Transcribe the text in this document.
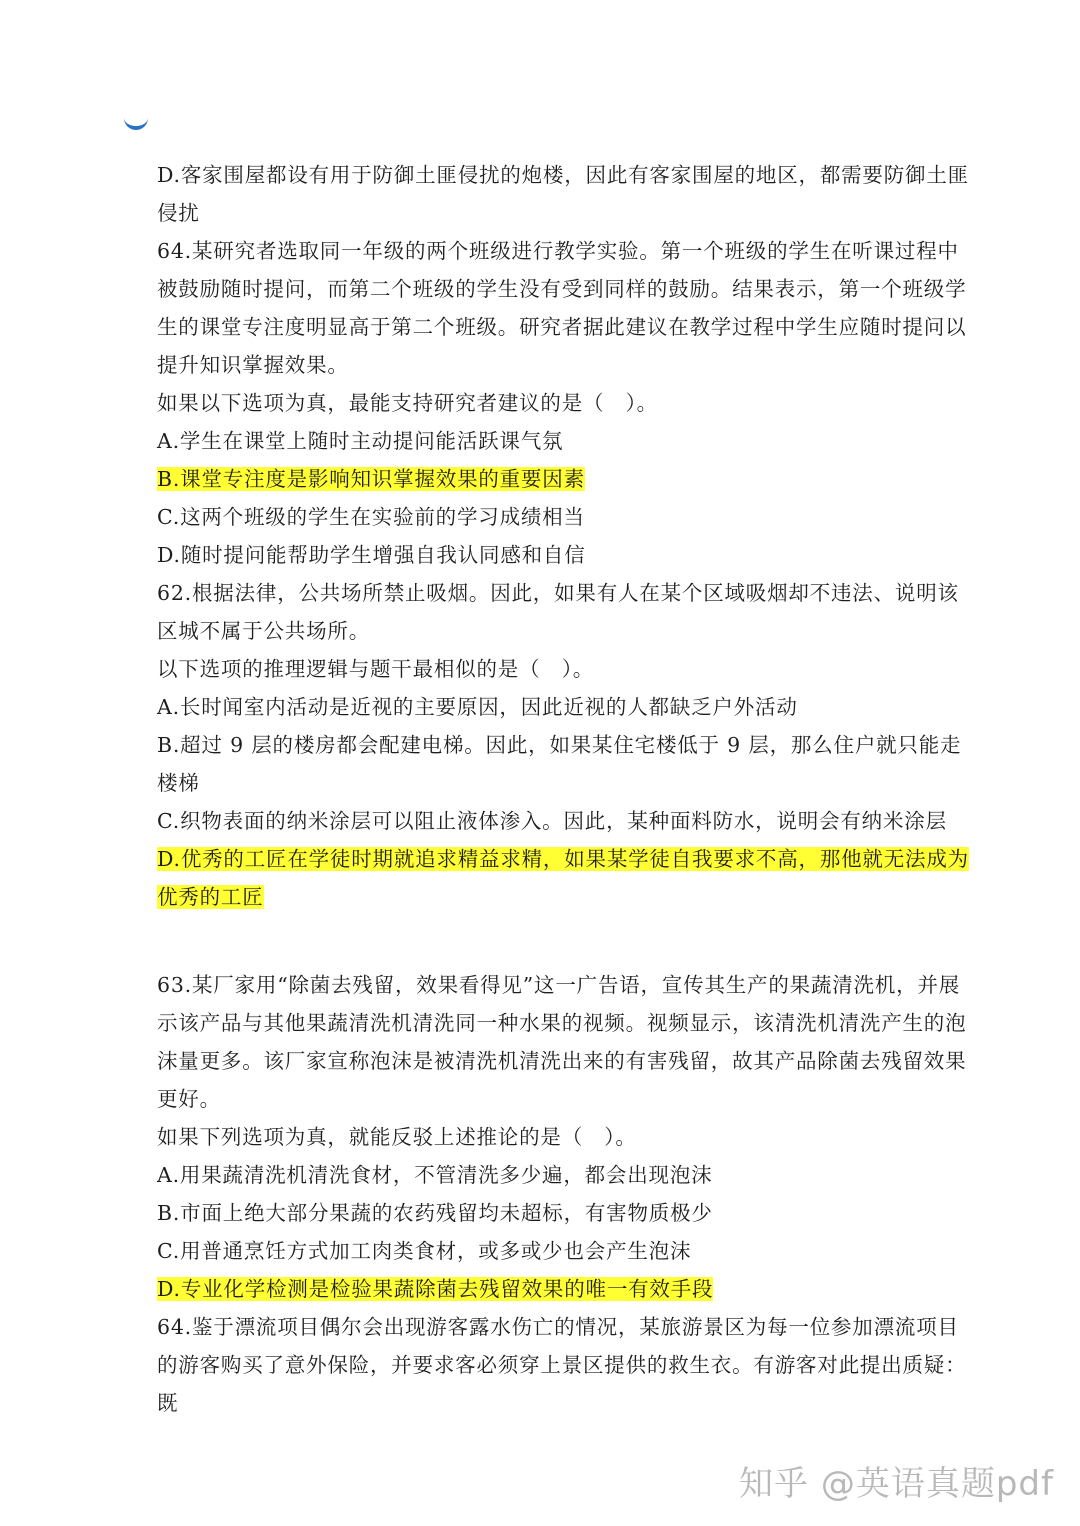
D.客家围屋都设有用于防御土匪侵扰的炮楼，因此有客家围屋的地区，都需要防御土匪侵扰

64.某研究者选取同一年级的两个班级进行教学实验。第一个班级的学生在听课过程中被鼓励随时提问，而第二个班级的学生没有受到同样的鼓励。结果表示，第一个班级学生的课堂专注度明显高于第二个班级。研究者据此建议在教学过程中学生应随时提问以提升知识掌握效果。

如果以下选项为真，最能支持研究者建议的是（　）。

A.学生在课堂上随时主动提问能活跃课气氛

B.课堂专注度是影响知识掌握效果的重要因素

C.这两个班级的学生在实验前的学习成绩相当

D.随时提问能帮助学生增强自我认同感和自信

62.根据法律，公共场所禁止吸烟。因此，如果有人在某个区域吸烟却不违法、说明该区城不属于公共场所。

以下选项的推理逻辑与题干最相似的是（　）。

A.长时闻室内活动是近视的主要原因，因此近视的人都缺乏户外活动

B.超过 9 层的楼房都会配建电梯。因此，如果某住宅楼低于 9 层，那么住户就只能走楼梯

C.织物表面的纳米涂层可以阻止液体渗入。因此，某种面料防水，说明会有纳米涂层

D.优秀的工匠在学徒时期就追求精益求精，如果某学徒自我要求不高，那他就无法成为优秀的工匠

63.某厂家用“除菌去残留，效果看得见”这一广告语，宣传其生产的果蔬清洗机，并展示该产品与其他果蔬清洗机清洗同一种水果的视频。视频显示，该清洗机清洗产生的泡沫量更多。该厂家宣称泡沫是被清洗机清洗出来的有害残留，故其产品除菌去残留效果更好。

如果下列选项为真，就能反驳上述推论的是（　）。

A.用果蔬清洗机清洗食材，不管清洗多少遍，都会出现泡沫

B.市面上绝大部分果蔬的农药残留均未超标，有害物质极少

C.用普通烹饪方式加工肉类食材，或多或少也会产生泡沫

D.专业化学检测是检验果蔬除菌去残留效果的唯一有效手段

64.鉴于漂流项目偶尔会出现游客露水伤亡的情况，某旅游景区为每一位参加漂流项目的游客购买了意外保险，并要求客必须穿上景区提供的救生衣。有游客对此提出质疑：既

知乎 @英语真题pdf
